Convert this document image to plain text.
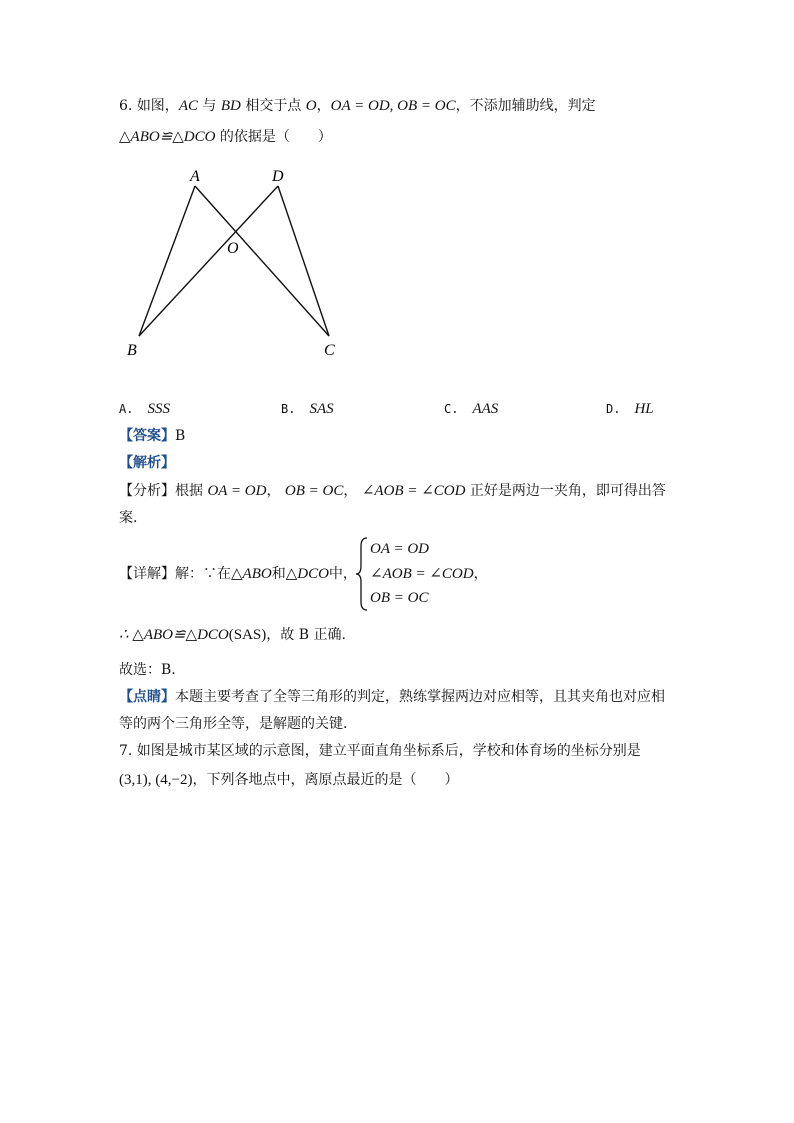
6. 如图，AC 与 BD 相交于点 O，OA = OD, OB = OC，不添加辅助线，判定
△ABO≌△DCO 的依据是（　　）
A	D
O
B	C
A. SSS	B. SAS	C. AAS	D. HL
【答案】B
【解析】
【分析】根据 OA = OD， OB = OC， ∠AOB = ∠COD 正好是两边一夹角，即可得出答
案.
【详解】解：∵在△ABO和△DCO中，
OA = OD
∠AOB = ∠COD，
OB = OC
∴ △ABO≌△DCO(SAS)，故 B 正确.
故选：B.
【点睛】本题主要考查了全等三角形的判定，熟练掌握两边对应相等，且其夹角也对应相
等的两个三角形全等，是解题的关键.
7. 如图是城市某区域的示意图，建立平面直角坐标系后，学校和体育场的坐标分别是
(3,1), (4,−2)，下列各地点中，离原点最近的是（　　）
